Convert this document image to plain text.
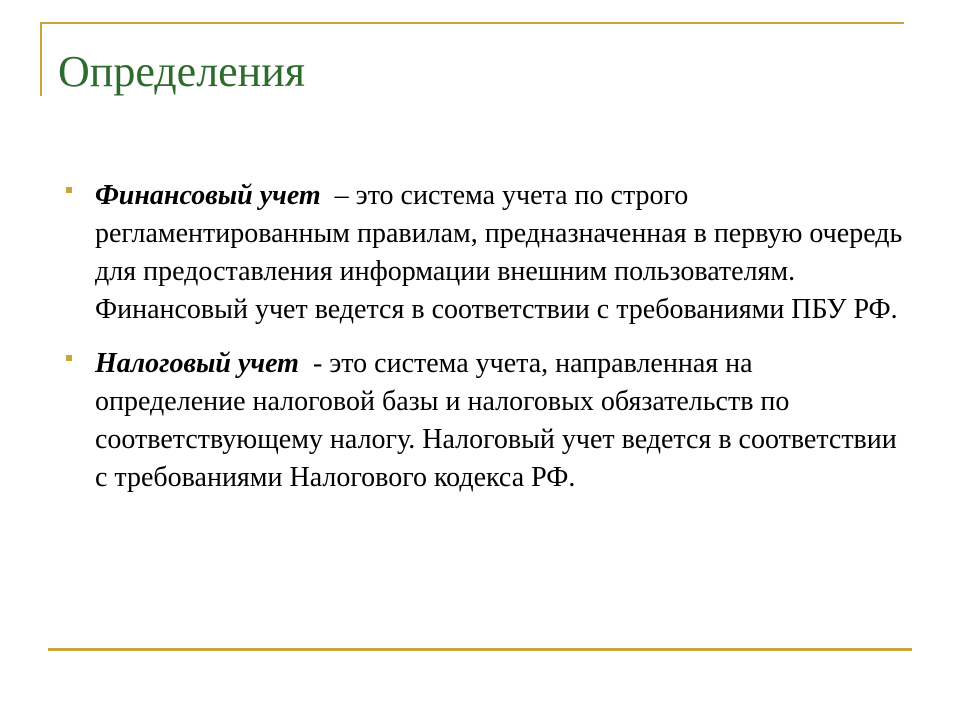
Определения
Финансовый учет  – это система учета по строго регламентированным правилам, предназначенная в первую очередь для предоставления информации внешним пользователям. Финансовый учет ведется в соответствии с требованиями ПБУ РФ.
Налоговый учет  - это система учета, направленная на определение налоговой базы и налоговых обязательств по соответствующему налогу. Налоговый учет ведется в соответствии с требованиями Налогового кодекса РФ.
